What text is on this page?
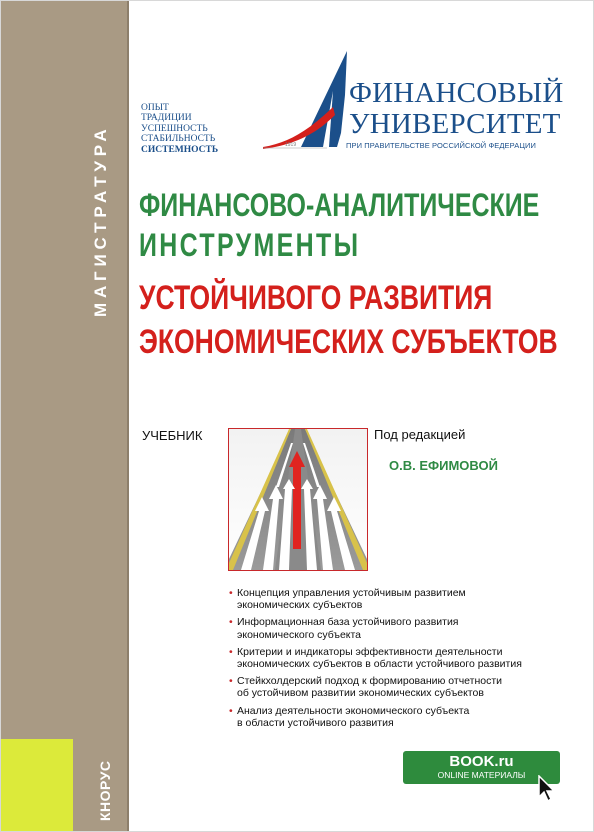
МАГИСТРАТУРА
КНОРУС
ОПЫТ
ТРАДИЦИИ
УСПЕШНОСТЬ
СТАБИЛЬНОСТЬ
СИСТЕМНОСТЬ	1919
ФИНАНСОВЫЙ
УНИВЕРСИТЕТ
ПРИ ПРАВИТЕЛЬСТВЕ РОССИЙСКОЙ ФЕДЕРАЦИИ
ФИНАНСОВО-АНАЛИТИЧЕСКИЕ
ИНСТРУМЕНТЫ
УСТОЙЧИВОГО РАЗВИТИЯ
ЭКОНОМИЧЕСКИХ СУБЪЕКТОВ
УЧЕБНИК	Под редакцией
О.В. ЕФИМОВОЙ
• Концепция управления устойчивым развитием
экономических субъектов
• Информационная база устойчивого развития
экономического субъекта
• Критерии и индикаторы эффективности деятельности
экономических субъектов в области устойчивого развития
• Стейкхолдерский подход к формированию отчетности
об устойчивом развитии экономических субъектов
• Анализ деятельности экономического субъекта
в области устойчивого развития
BOOK.ru
ONLINE МАТЕРИАЛЫ
